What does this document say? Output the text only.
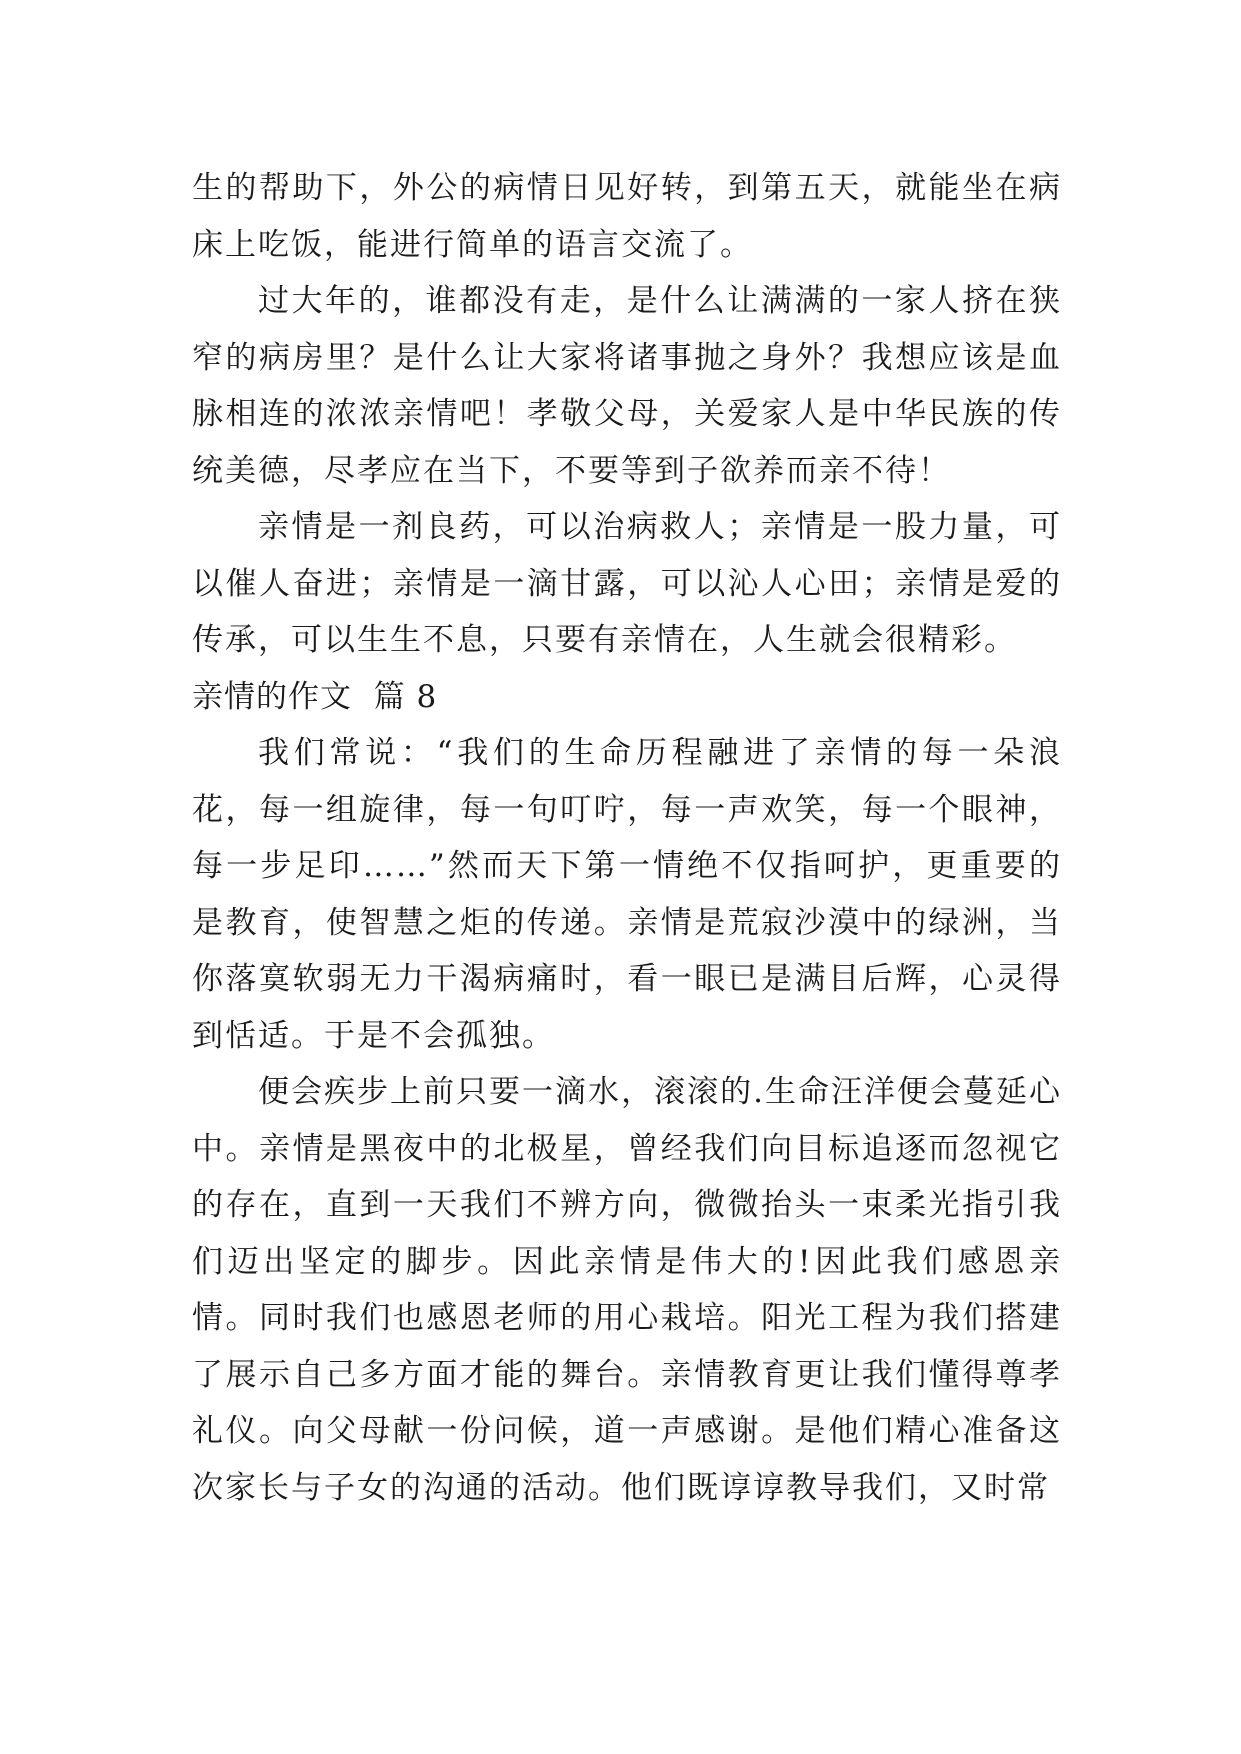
生的帮助下，外公的病情日见好转，到第五天，就能坐在病床上吃饭，能进行简单的语言交流了。

过大年的，谁都没有走，是什么让满满的一家人挤在狭窄的病房里？是什么让大家将诸事抛之身外？我想应该是血脉相连的浓浓亲情吧！孝敬父母，关爱家人是中华民族的传统美德，尽孝应在当下，不要等到子欲养而亲不待！

亲情是一剂良药，可以治病救人；亲情是一股力量，可以催人奋进；亲情是一滴甘露，可以沁人心田；亲情是爱的传承，可以生生不息，只要有亲情在，人生就会很精彩。

亲情的作文  篇 8

我们常说：“我们的生命历程融进了亲情的每一朵浪花，每一组旋律，每一句叮咛，每一声欢笑，每一个眼神，每一步足印……”然而天下第一情绝不仅指呵护，更重要的是教育，使智慧之炬的传递。亲情是荒寂沙漠中的绿洲，当你落寞软弱无力干渴病痛时，看一眼已是满目后辉，心灵得到恬适。于是不会孤独。

便会疾步上前只要一滴水，滚滚的.生命汪洋便会蔓延心中。亲情是黑夜中的北极星，曾经我们向目标追逐而忽视它的存在，直到一天我们不辨方向，微微抬头一束柔光指引我们迈出坚定的脚步。因此亲情是伟大的!因此我们感恩亲情。同时我们也感恩老师的用心栽培。阳光工程为我们搭建了展示自己多方面才能的舞台。亲情教育更让我们懂得尊孝礼仪。向父母献一份问候，道一声感谢。是他们精心准备这次家长与子女的沟通的活动。他们既谆谆教导我们，又时常
